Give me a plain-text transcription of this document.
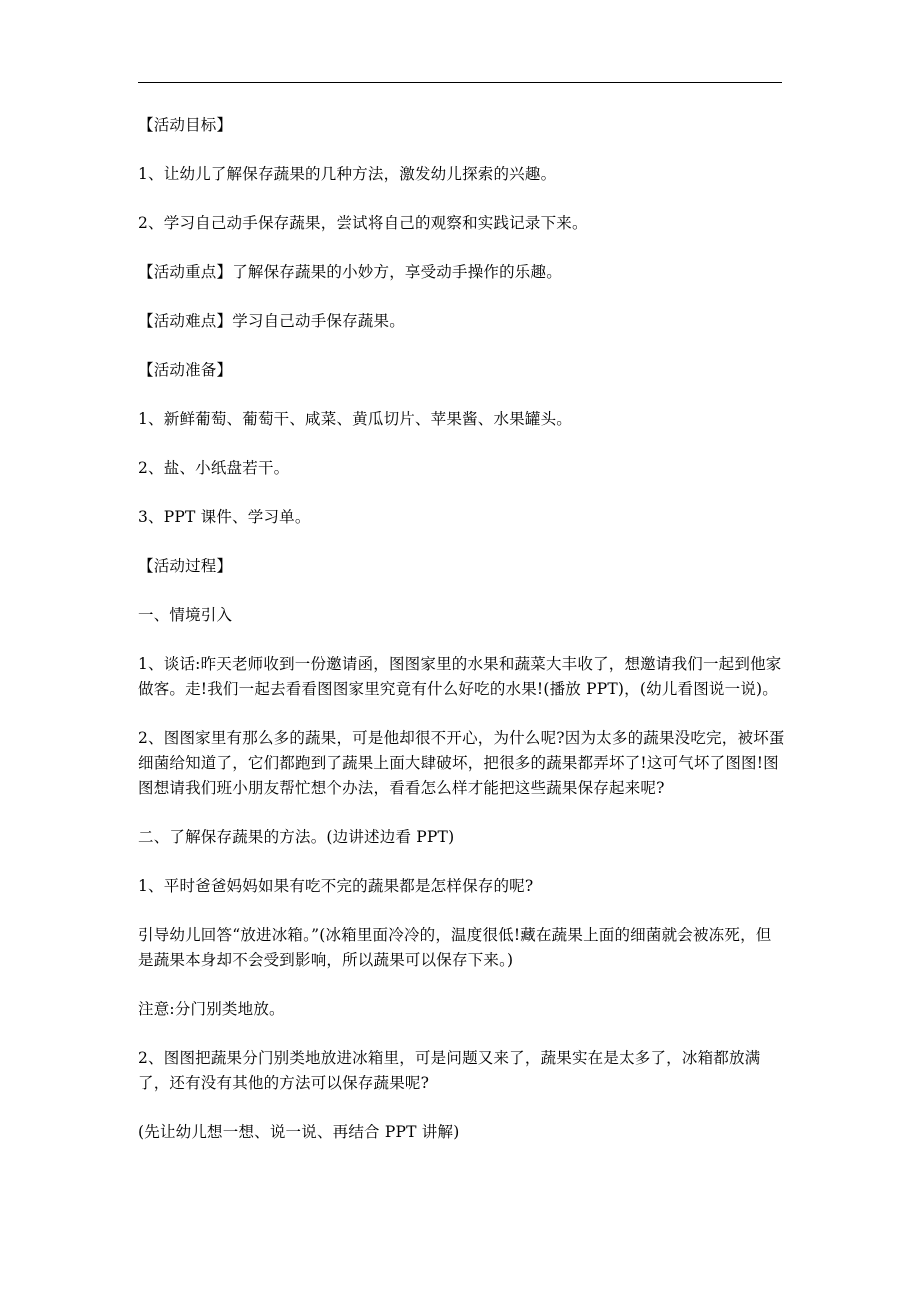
【活动目标】

1、让幼儿了解保存蔬果的几种方法，激发幼儿探索的兴趣。

2、学习自己动手保存蔬果，尝试将自己的观察和实践记录下来。

【活动重点】了解保存蔬果的小妙方，享受动手操作的乐趣。

【活动难点】学习自己动手保存蔬果。

【活动准备】

1、新鲜葡萄、葡萄干、咸菜、黄瓜切片、苹果酱、水果罐头。

2、盐、小纸盘若干。

3、PPT 课件、学习单。

【活动过程】

一、情境引入

1、谈话:昨天老师收到一份邀请函，图图家里的水果和蔬菜大丰收了，想邀请我们一起到他家做客。走!我们一起去看看图图家里究竟有什么好吃的水果!(播放 PPT)，(幼儿看图说一说)。

2、图图家里有那么多的蔬果，可是他却很不开心，为什么呢?因为太多的蔬果没吃完，被坏蛋细菌给知道了，它们都跑到了蔬果上面大肆破坏，把很多的蔬果都弄坏了!这可气坏了图图!图图想请我们班小朋友帮忙想个办法，看看怎么样才能把这些蔬果保存起来呢?

二、了解保存蔬果的方法。(边讲述边看 PPT)

1、平时爸爸妈妈如果有吃不完的蔬果都是怎样保存的呢?

引导幼儿回答“放进冰箱。”(冰箱里面冷冷的，温度很低!藏在蔬果上面的细菌就会被冻死，但是蔬果本身却不会受到影响，所以蔬果可以保存下来。)

注意:分门别类地放。

2、图图把蔬果分门别类地放进冰箱里，可是问题又来了，蔬果实在是太多了，冰箱都放满了，还有没有其他的方法可以保存蔬果呢?

(先让幼儿想一想、说一说、再结合 PPT 讲解)
